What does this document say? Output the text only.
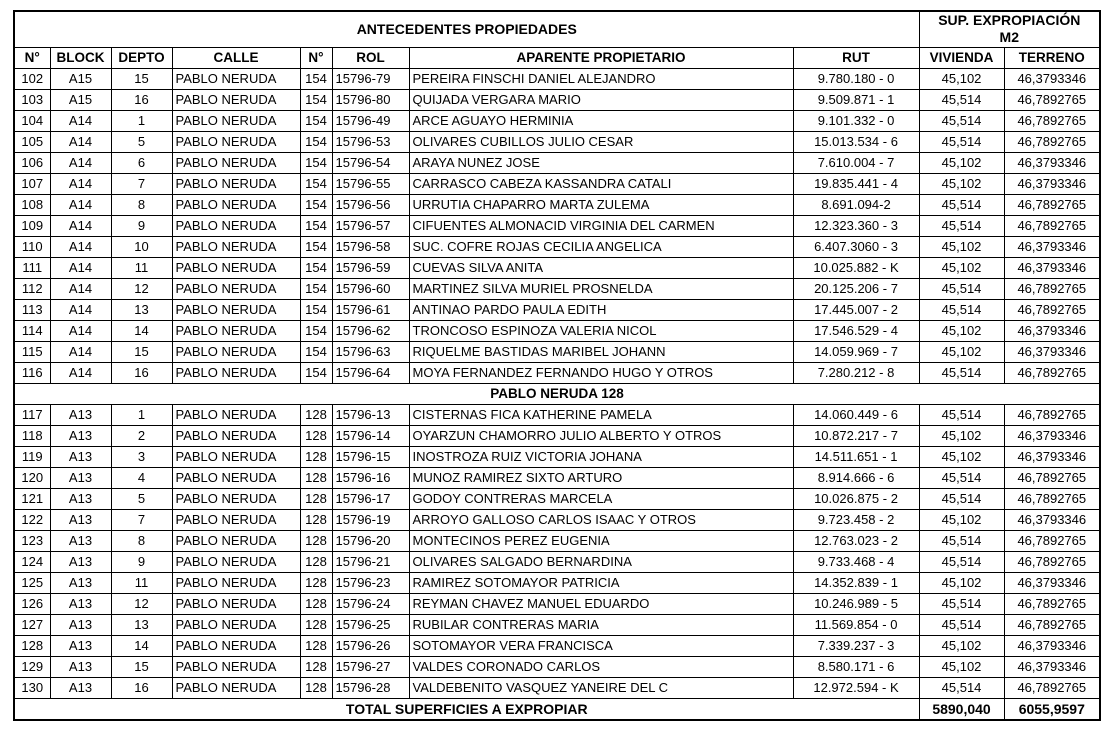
ANTECEDENTES PROPIEDADES								SUP. EXPROPIACIÓN
M2	

N°	BLOCK	DEPTO	CALLE	N°	ROL	APARENTE PROPIETARIO	RUT	VIVIENDA	TERRENO
102	A15	15	PABLO NERUDA	154	15796-79	PEREIRA FINSCHI DANIEL ALEJANDRO	9.780.180 - 0	45,102	46,3793346
103	A15	16	PABLO NERUDA	154	15796-80	QUIJADA VERGARA MARIO	9.509.871 - 1	45,514	46,7892765
104	A14	1	PABLO NERUDA	154	15796-49	ARCE AGUAYO HERMINIA	9.101.332 - 0	45,514	46,7892765
105	A14	5	PABLO NERUDA	154	15796-53	OLIVARES CUBILLOS JULIO CESAR	15.013.534 - 6	45,514	46,7892765
106	A14	6	PABLO NERUDA	154	15796-54	ARAYA NUNEZ JOSE	7.610.004 - 7	45,102	46,3793346
107	A14	7	PABLO NERUDA	154	15796-55	CARRASCO CABEZA KASSANDRA CATALI	19.835.441 - 4	45,102	46,3793346
108	A14	8	PABLO NERUDA	154	15796-56	URRUTIA CHAPARRO MARTA ZULEMA	8.691.094-2	45,514	46,7892765
109	A14	9	PABLO NERUDA	154	15796-57	CIFUENTES ALMONACID VIRGINIA DEL CARMEN	12.323.360 - 3	45,514	46,7892765
110	A14	10	PABLO NERUDA	154	15796-58	SUC. COFRE ROJAS CECILIA ANGELICA	6.407.3060 - 3	45,102	46,3793346
111	A14	11	PABLO NERUDA	154	15796-59	CUEVAS SILVA ANITA	10.025.882 - K	45,102	46,3793346
112	A14	12	PABLO NERUDA	154	15796-60	MARTINEZ SILVA MURIEL PROSNELDA	20.125.206 - 7	45,514	46,7892765
113	A14	13	PABLO NERUDA	154	15796-61	ANTINAO PARDO PAULA EDITH	17.445.007 - 2	45,514	46,7892765
114	A14	14	PABLO NERUDA	154	15796-62	TRONCOSO ESPINOZA VALERIA NICOL	17.546.529 - 4	45,102	46,3793346
115	A14	15	PABLO NERUDA	154	15796-63	RIQUELME BASTIDAS MARIBEL JOHANN	14.059.969 - 7	45,102	46,3793346
116	A14	16	PABLO NERUDA	154	15796-64	MOYA FERNANDEZ FERNANDO HUGO Y OTROS	7.280.212 - 8	45,514	46,7892765
PABLO NERUDA 128									
117	A13	1	PABLO NERUDA	128	15796-13	CISTERNAS FICA KATHERINE PAMELA	14.060.449 - 6	45,514	46,7892765
118	A13	2	PABLO NERUDA	128	15796-14	OYARZUN CHAMORRO JULIO ALBERTO Y OTROS	10.872.217 - 7	45,102	46,3793346
119	A13	3	PABLO NERUDA	128	15796-15	INOSTROZA RUIZ VICTORIA JOHANA	14.511.651 - 1	45,102	46,3793346
120	A13	4	PABLO NERUDA	128	15796-16	MUNOZ RAMIREZ SIXTO ARTURO	8.914.666 - 6	45,514	46,7892765
121	A13	5	PABLO NERUDA	128	15796-17	GODOY CONTRERAS MARCELA	10.026.875 - 2	45,514	46,7892765
122	A13	7	PABLO NERUDA	128	15796-19	ARROYO GALLOSO CARLOS ISAAC Y OTROS	9.723.458 - 2	45,102	46,3793346
123	A13	8	PABLO NERUDA	128	15796-20	MONTECINOS PEREZ EUGENIA	12.763.023 - 2	45,514	46,7892765
124	A13	9	PABLO NERUDA	128	15796-21	OLIVARES SALGADO BERNARDINA	9.733.468 - 4	45,514	46,7892765
125	A13	11	PABLO NERUDA	128	15796-23	RAMIREZ SOTOMAYOR PATRICIA	14.352.839 - 1	45,102	46,3793346
126	A13	12	PABLO NERUDA	128	15796-24	REYMAN CHAVEZ MANUEL EDUARDO	10.246.989 - 5	45,514	46,7892765
127	A13	13	PABLO NERUDA	128	15796-25	RUBILAR CONTRERAS MARIA	11.569.854 - 0	45,514	46,7892765
128	A13	14	PABLO NERUDA	128	15796-26	SOTOMAYOR VERA FRANCISCA	7.339.237 - 3	45,102	46,3793346
129	A13	15	PABLO NERUDA	128	15796-27	VALDES CORONADO CARLOS	8.580.171 - 6	45,102	46,3793346
130	A13	16	PABLO NERUDA	128	15796-28	VALDEBENITO VASQUEZ YANEIRE DEL C	12.972.594 - K	45,514	46,7892765
TOTAL SUPERFICIES A EXPROPIAR								5890,040	6055,9597
